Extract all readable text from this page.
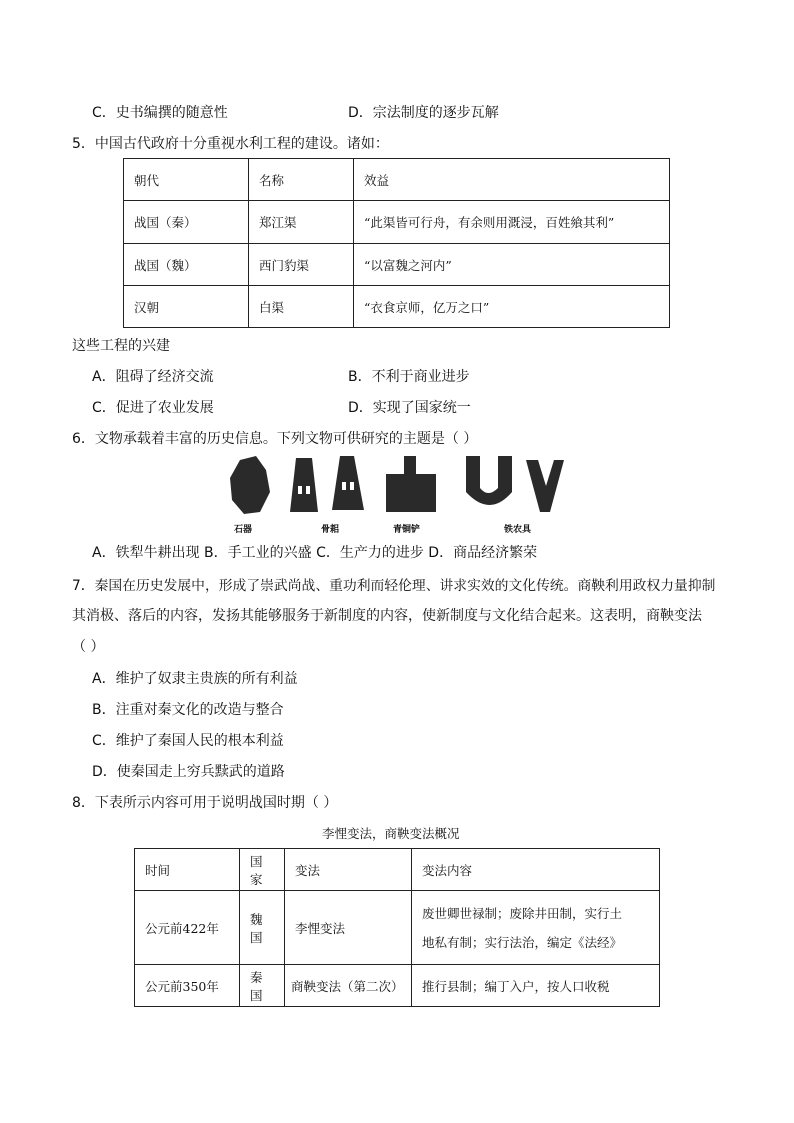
C．史书编撰的随意性	D．宗法制度的逐步瓦解
5．中国古代政府十分重视水利工程的建设。诸如：
朝代	名称	效益
战国（秦）	郑江渠	“此渠皆可行舟，有余则用溉浸，百姓飨其利”
战国（魏）	西门豹渠	“以富魏之河内”
汉朝	白渠	“衣食京师，亿万之口”
这些工程的兴建
A．阻碍了经济交流	B．不利于商业进步
C．促进了农业发展	D．实现了国家统一
6．文物承载着丰富的历史信息。下列文物可供研究的主题是（ ）
石器	骨耜	青铜铲	铁农具
A．铁犁牛耕出现 B．手工业的兴盛 C．生产力的进步 D．商品经济繁荣
7．秦国在历史发展中，形成了崇武尚战、重功利而轻伦理、讲求实效的文化传统。商鞅利用政权力量抑制
其消极、落后的内容，发扬其能够服务于新制度的内容，使新制度与文化结合起来。这表明，商鞅变法
（ ）
A．维护了奴隶主贵族的所有利益
B．注重对秦文化的改造与整合
C．维护了秦国人民的根本利益
D．使秦国走上穷兵黩武的道路
8．下表所示内容可用于说明战国时期（ ）
李悝变法，商鞅变法概况
时间	国家	变法	变法内容
公元前422年	魏国	李悝变法	废世卿世禄制；废除井田制，实行土
地私有制；实行法治，编定《法经》

公元前350年	秦国	商鞅变法（第二次）	推行县制；编丁入户，按人口收税
